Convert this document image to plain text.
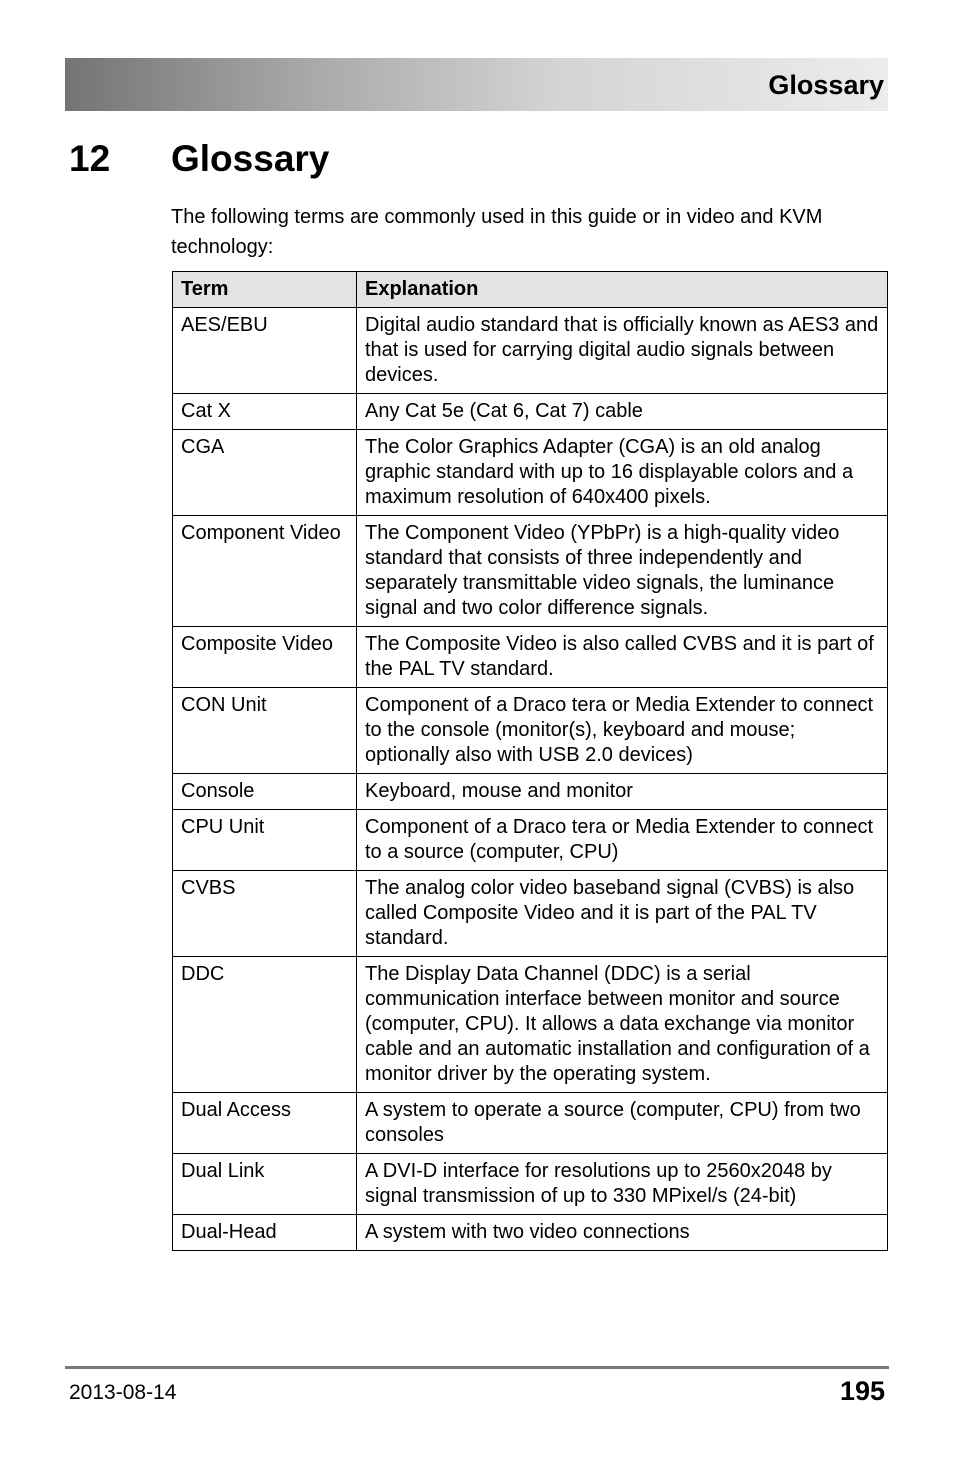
Glossary
12 Glossary
The following terms are commonly used in this guide or in video and KVM technology:
Term	Explanation
AES/EBU	Digital audio standard that is officially known as AES3 and that is used for carrying digital audio signals between devices.
Cat X	Any Cat 5e (Cat 6, Cat 7) cable
CGA	The Color Graphics Adapter (CGA) is an old analog graphic standard with up to 16 displayable colors and a maximum resolution of 640x400 pixels.
Component Video	The Component Video (YPbPr) is a high-quality video standard that consists of three independently and separately transmittable video signals, the luminance signal and two color difference signals.
Composite Video	The Composite Video is also called CVBS and it is part of the PAL TV standard.
CON Unit	Component of a Draco tera or Media Extender to connect to the console (monitor(s), keyboard and mouse; optionally also with USB 2.0 devices)
Console	Keyboard, mouse and monitor
CPU Unit	Component of a Draco tera or Media Extender to connect to a source (computer, CPU)
CVBS	The analog color video baseband signal (CVBS) is also called Composite Video and it is part of the PAL TV standard.
DDC	The Display Data Channel (DDC) is a serial communication interface between monitor and source (computer, CPU). It allows a data exchange via monitor cable and an automatic installation and configuration of a monitor driver by the operating system.
Dual Access	A system to operate a source (computer, CPU) from two consoles
Dual Link	A DVI-D interface for resolutions up to 2560x2048 by signal transmission of up to 330 MPixel/s (24-bit)
Dual-Head	A system with two video connections
2013-08-14	195
